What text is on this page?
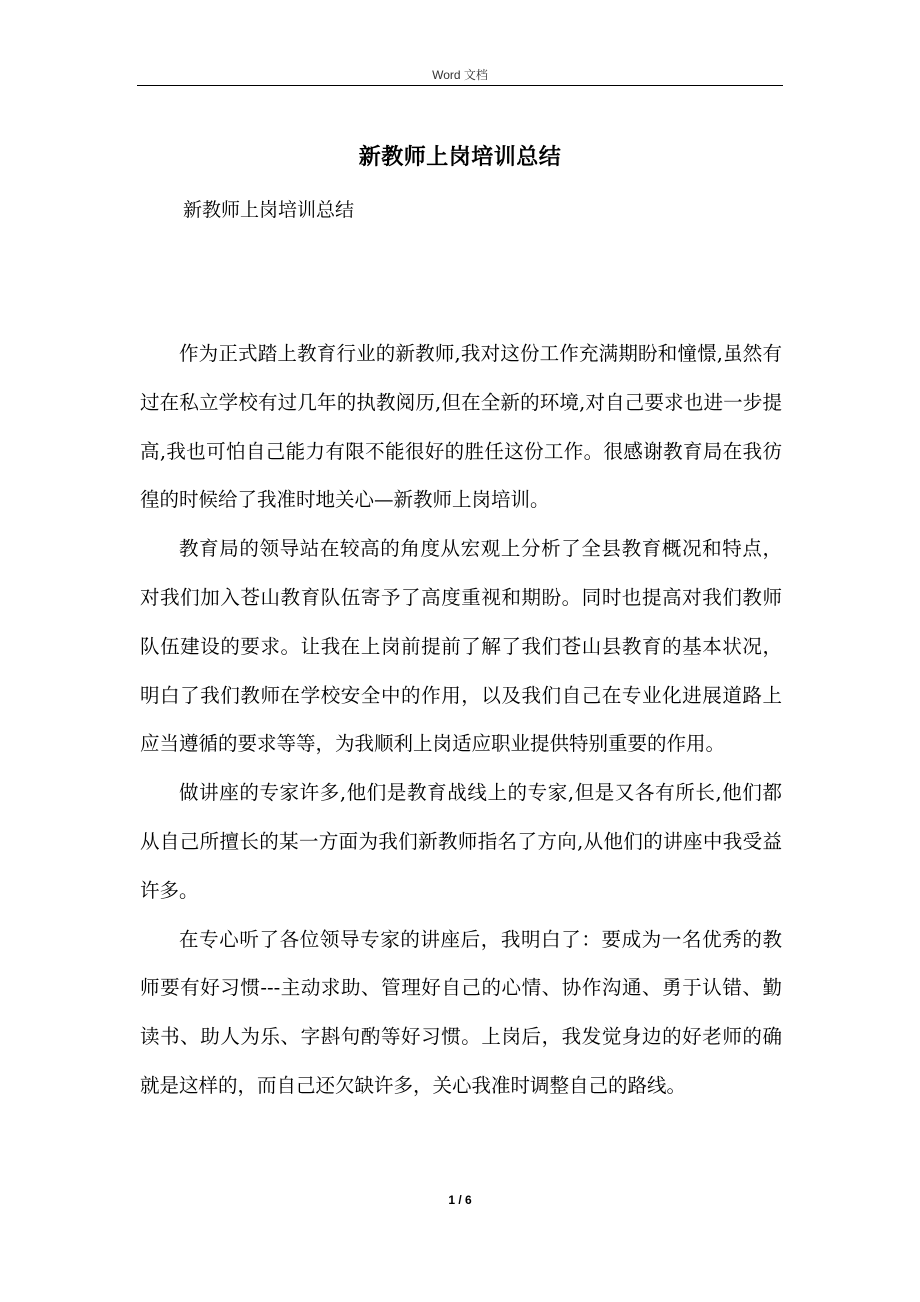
Word 文档
新教师上岗培训总结
新教师上岗培训总结

作为正式踏上教育行业的新教师,我对这份工作充满期盼和憧憬,虽然有过在私立学校有过几年的执教阅历,但在全新的环境,对自己要求也进一步提高,我也可怕自己能力有限不能很好的胜任这份工作。很感谢教育局在我彷徨的时候给了我准时地关心—新教师上岗培训。

教育局的领导站在较高的角度从宏观上分析了全县教育概况和特点，对我们加入苍山教育队伍寄予了高度重视和期盼。同时也提高对我们教师队伍建设的要求。让我在上岗前提前了解了我们苍山县教育的基本状况，明白了我们教师在学校安全中的作用，以及我们自己在专业化进展道路上应当遵循的要求等等，为我顺利上岗适应职业提供特别重要的作用。

做讲座的专家许多,他们是教育战线上的专家,但是又各有所长,他们都从自己所擅长的某一方面为我们新教师指名了方向,从他们的讲座中我受益许多。

在专心听了各位领导专家的讲座后，我明白了：要成为一名优秀的教师要有好习惯---主动求助、管理好自己的心情、协作沟通、勇于认错、勤读书、助人为乐、字斟句酌等好习惯。上岗后，我发觉身边的好老师的确就是这样的，而自己还欠缺许多，关心我准时调整自己的路线。

1 / 6
